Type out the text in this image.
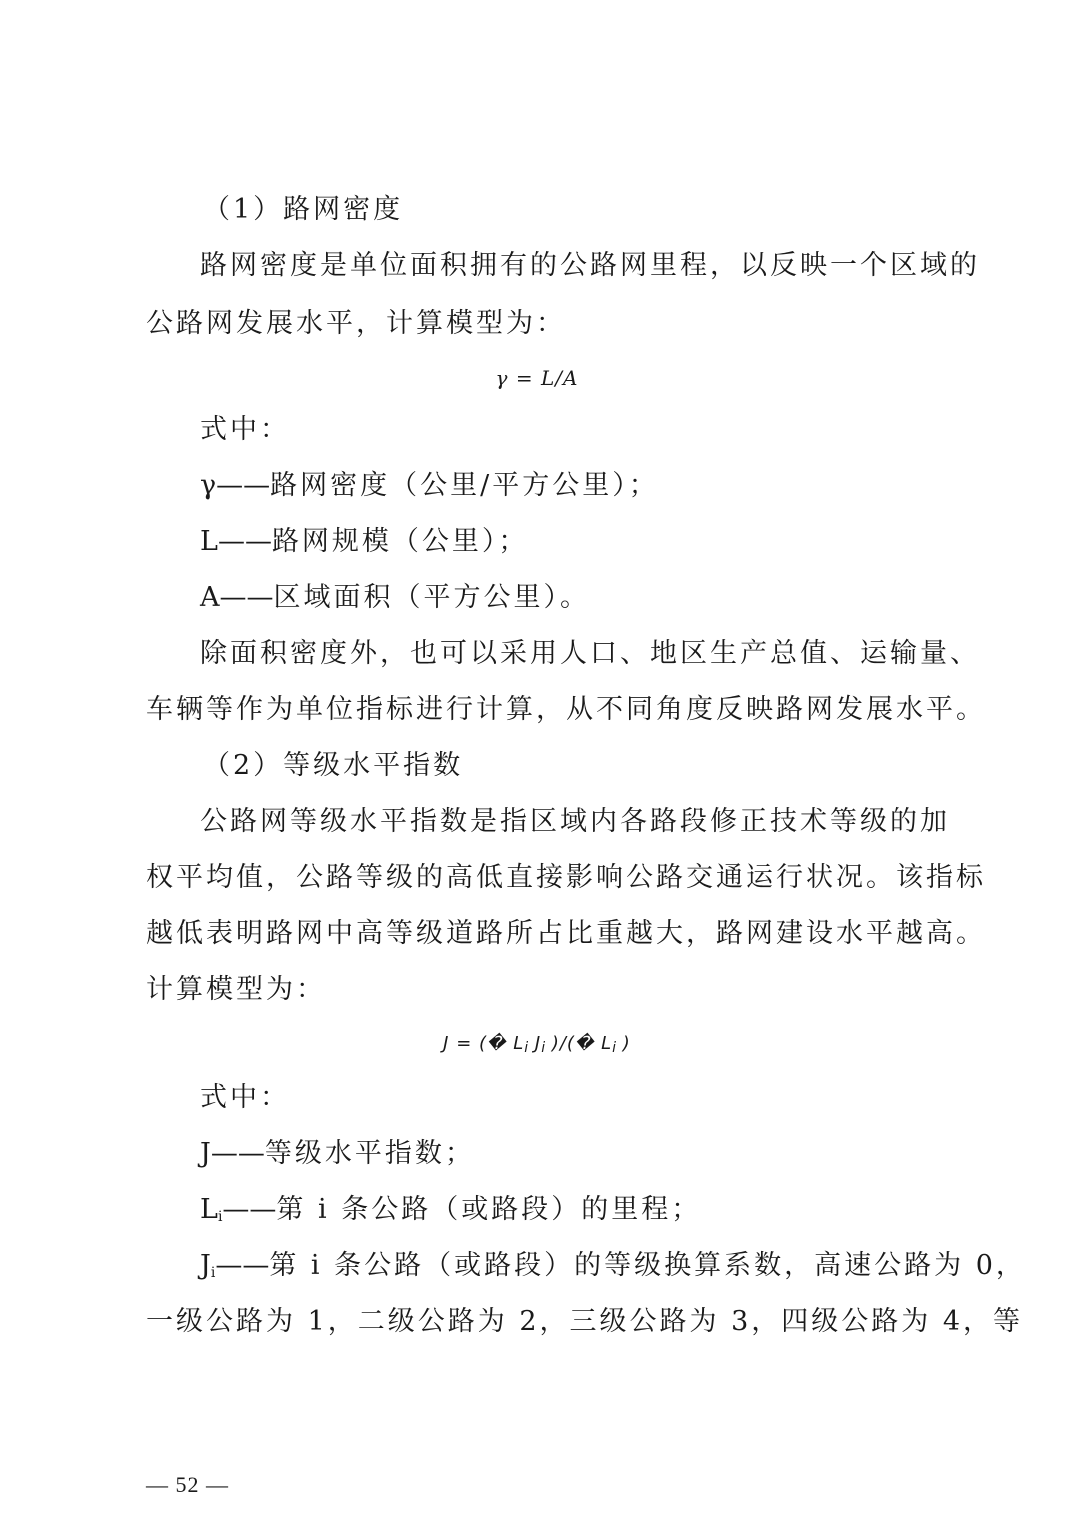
（1）路网密度
路网密度是单位面积拥有的公路网里程，以反映一个区域的
公路网发展水平，计算模型为：
γ = L/A
式中：
γ——路网密度（公里/平方公里）；
L——路网规模（公里）；
A——区域面积（平方公里）。
除面积密度外，也可以采用人口、地区生产总值、运输量、
车辆等作为单位指标进行计算，从不同角度反映路网发展水平。
（2）等级水平指数
公路网等级水平指数是指区域内各路段修正技术等级的加
权平均值，公路等级的高低直接影响公路交通运行状况。该指标
越低表明路网中高等级道路所占比重越大，路网建设水平越高。
计算模型为：
J = (� $L_i$ $J_i$ )/(� $L_i$ )
式中：
J——等级水平指数；
$L_i——$第 i 条公路（或路段）的里程；
$J_i——$第 i 条公路（或路段）的等级换算系数，高速公路为 0，
一级公路为 1，二级公路为 2，三级公路为 3，四级公路为 4，等
— 52 —
